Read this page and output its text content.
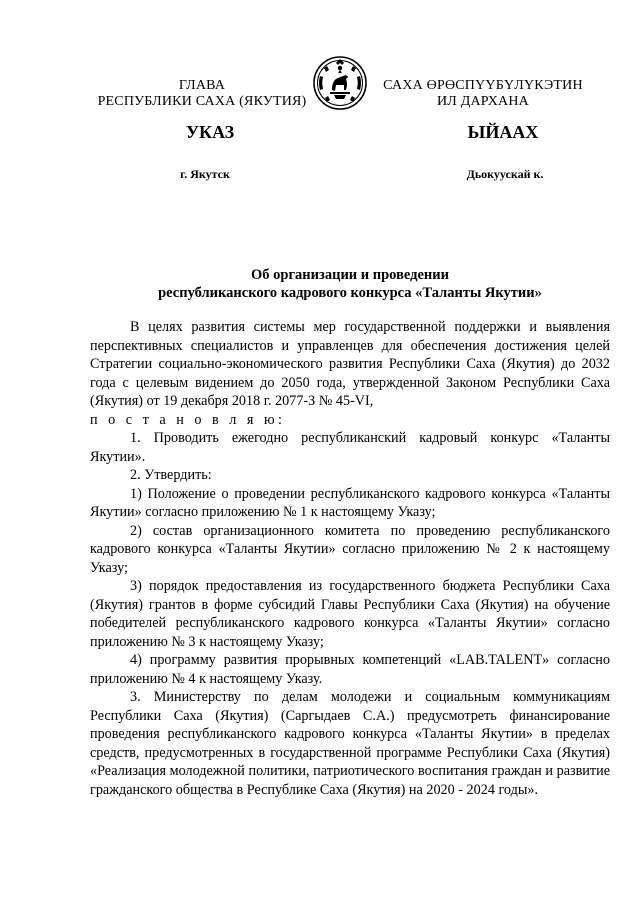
ГЛАВА
РЕСПУБЛИКИ САХА (ЯКУТИЯ)
САХА ӨРӨСПҮҮБҮЛҮКЭТИН
ИЛ ДАРХАНА
УКАЗ	ЫЙААХ
г. Якутск	Дьокуускай к.
Об организации и проведении
республиканского кадрового конкурса «Таланты Якутии»

В целях развития системы мер государственной поддержки и выявления перспективных специалистов и управленцев для обеспечения достижения целей Стратегии социально-экономического развития Республики Саха (Якутия) до 2032 года с целевым видением до 2050 года, утвержденной Законом Республики Саха (Якутия) от 19 декабря 2018 г. 2077-З № 45-VI,

п о с т а н о в л я ю:

1. Проводить ежегодно республиканский кадровый конкурс «Таланты Якутии».

2. Утвердить:

1) Положение о проведении республиканского кадрового конкурса «Таланты Якутии» согласно приложению № 1 к настоящему Указу;

2) состав организационного комитета по проведению республиканского кадрового конкурса «Таланты Якутии» согласно приложению № 2 к настоящему Указу;

3) порядок предоставления из государственного бюджета Республики Саха (Якутия) грантов в форме субсидий Главы Республики Саха (Якутия) на обучение победителей республиканского кадрового конкурса «Таланты Якутии» согласно приложению № 3 к настоящему Указу;

4) программу развития прорывных компетенций «LAB.TALENT» согласно приложению № 4 к настоящему Указу.

3. Министерству по делам молодежи и социальным коммуникациям Республики Саха (Якутия) (Саргыдаев С.А.) предусмотреть финансирование проведения республиканского кадрового конкурса «Таланты Якутии» в пределах средств, предусмотренных в государственной программе Республики Саха (Якутия) «Реализация молодежной политики, патриотического воспитания граждан и развитие гражданского общества в Республике Саха (Якутия) на 2020 - 2024 годы».
